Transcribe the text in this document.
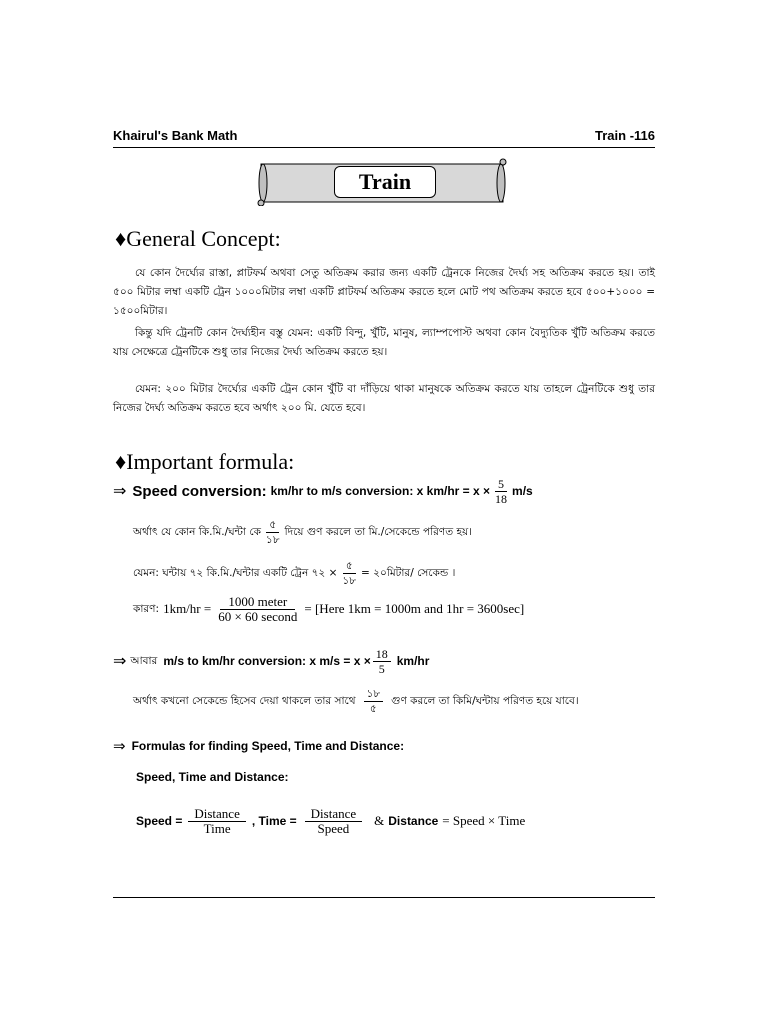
Khairul's Bank Math	Train -116
Train
♦General Concept:
যে কোন দৈর্ঘ্যের রাস্তা, প্লাটফর্ম অথবা সেতু অতিক্রম করার জন্য একটি ট্রেনকে নিজের দৈর্ঘ্য সহ অতিক্রম করতে হয়। তাই ৫০০ মিটার লম্বা একটি ট্রেন ১০০০মিটার লম্বা একটি প্লাটফর্ম অতিক্রম করতে হলে মোট পথ অতিক্রম করতে হবে ৫০০+১০০০ = ১৫০০মিটার।
কিন্তু যদি ট্রেনটি কোন দৈর্ঘ্যহীন বস্তু যেমন: একটি বিন্দু, খুঁটি, মানুষ, ল্যাম্পপোস্ট অথবা কোন বৈদ্যুতিক খুঁটি অতিক্রম করতে যায় সেক্ষেত্রে ট্রেনটিকে শুধু তার নিজের দৈর্ঘ্য অতিক্রম করতে হয়।
যেমন: ২০০ মিটার দৈর্ঘ্যের একটি ট্রেন কোন খুঁটি বা দাঁড়িয়ে থাকা মানুষকে অতিক্রম করতে যায় তাহলে ট্রেনটিকে শুধু তার নিজের দৈর্ঘ্য অতিক্রম করতে হবে অর্থাৎ ২০০ মি. যেতে হবে।
♦Important formula:
⇒ Speed conversion: km/hr to m/s conversion: x $km/hr = x \times \frac{5}{18} m/s$
অর্থাৎ যে কোন কি.মি./ঘন্টা কে $\frac{৫}{১৮}$ দিয়ে গুণ করলে তা মি./সেকেন্ডে পরিণত হয়।
যেমন: ঘন্টায় ৭২ কি.মি./ঘন্টার একটি ট্রেন ৭২ × $\frac{৫}{১৮}$ = ২০মিটার/ সেকেন্ড ।
কারণ: $1km/hr = \frac{\text{1000 meter}}{\text{60 × 60 second}}$ = [Here 1km = 1000m and 1hr = 3600sec]
⇒ আবার m/s to km/hr conversion: x $m/s = x \times \frac{18}{5} km/hr$
অর্থাৎ কখনো সেকেন্ডে হিসেব দেয়া থাকলে তার সাথে $\frac{১৮}{৫}$ গুণ করলে তা কিমি/ঘন্টায় পরিণত হয়ে যাবে।
⇒ Formulas for finding Speed, Time and Distance:
Speed, Time and Distance:
Speed = $\frac{\text{Distance}}{\text{Time}}$ , Time = $\frac{\text{Distance}}{\text{Speed}}$ & Distance = Speed × Time
